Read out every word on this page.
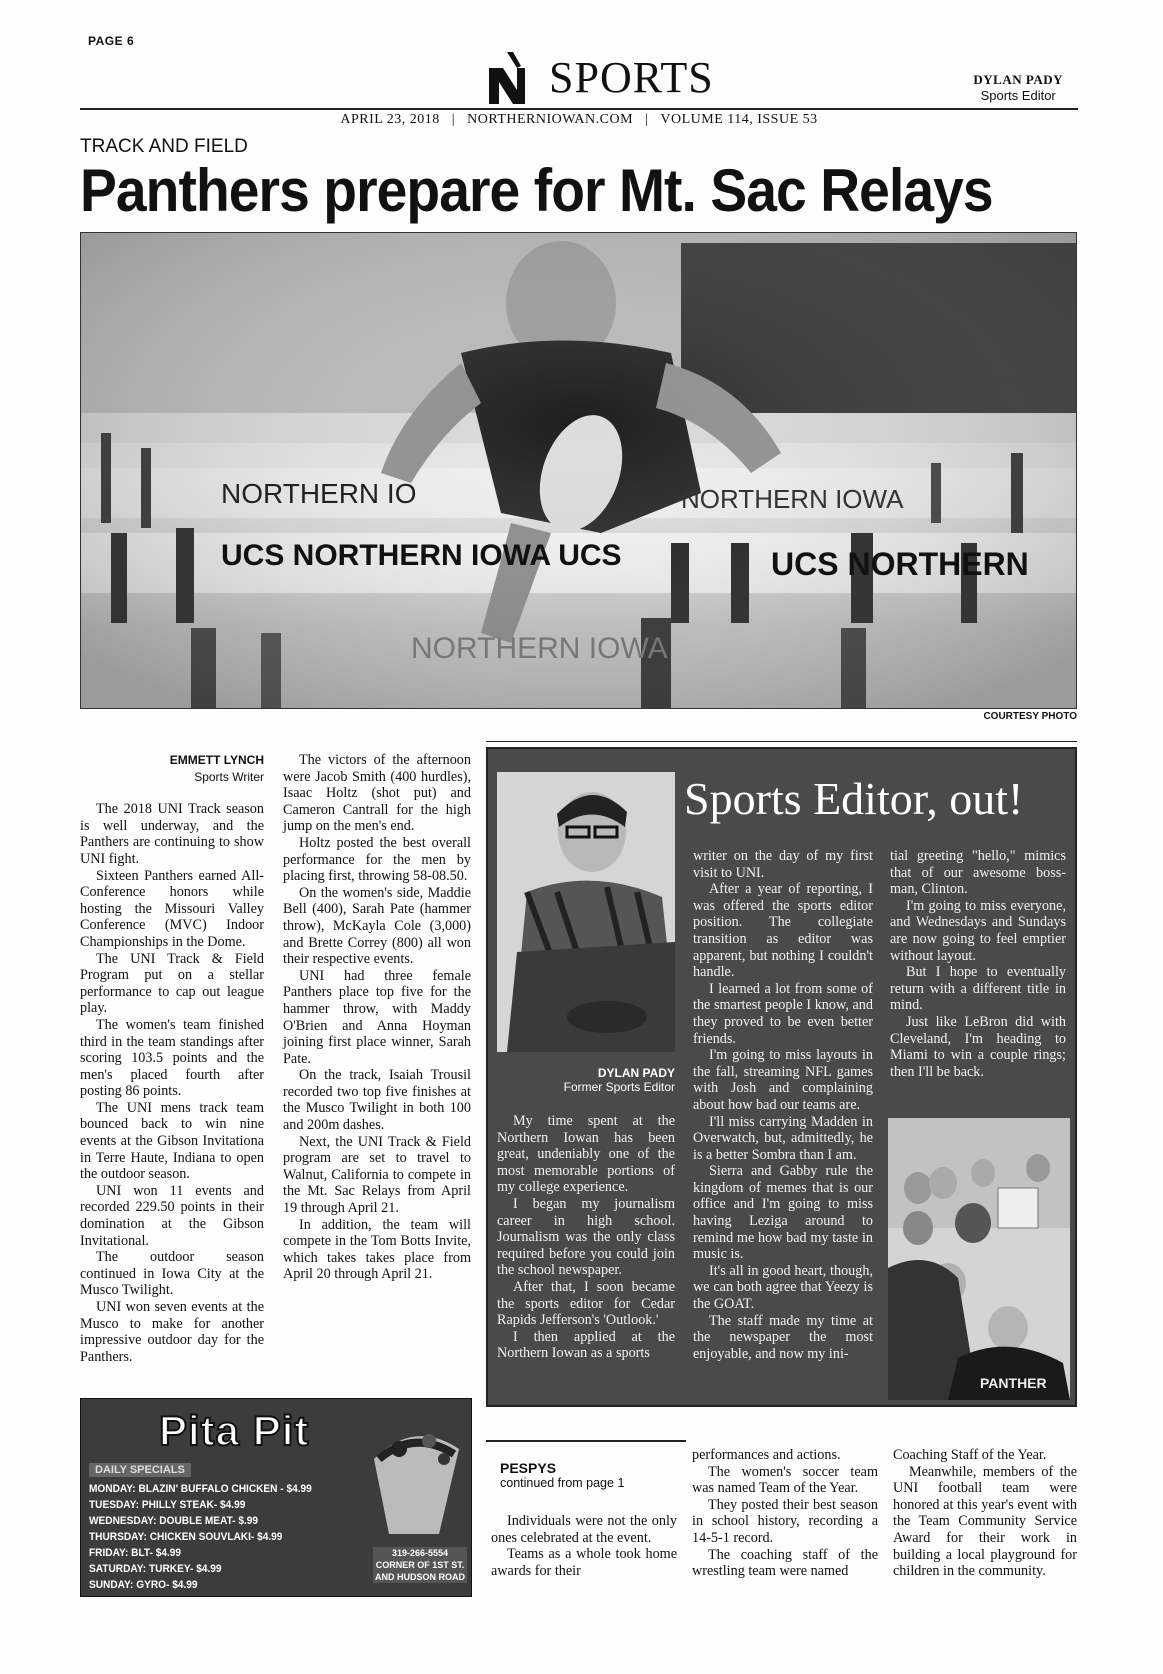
PAGE 6
SPORTS	DYLAN PADY
Sports Editor
APRIL 23, 2018 | NORTHERNIOWAN.COM | VOLUME 114, ISSUE 53
TRACK AND FIELD
Panthers prepare for Mt. Sac Relays
NORTHERN IO	NORTHERN IOWA
UCS NORTHERN IOWA UCS	UCS NORTHERN
NORTHERN IOWA
COURTESY PHOTO
EMMETT LYNCH
Sports Writer

The 2018 UNI Track season is well underway, and the Panthers are continuing to show UNI fight.

Sixteen Panthers earned All-Conference honors while hosting the Missouri Valley Conference (MVC) Indoor Championships in the Dome.

The UNI Track & Field Program put on a stellar performance to cap out league play.

The women's team finished third in the team standings after scoring 103.5 points and the men's placed fourth after posting 86 points.

The UNI mens track team bounced back to win nine events at the Gibson Invitationa in Terre Haute, Indiana to open the outdoor season.

UNI won 11 events and recorded 229.50 points in their domination at the Gibson Invitational.

The outdoor season continued in Iowa City at the Musco Twilight.

UNI won seven events at the Musco to make for another impressive outdoor day for the Panthers.

The victors of the afternoon were Jacob Smith (400 hurdles), Isaac Holtz (shot put) and Cameron Cantrall for the high jump on the men's end.

Holtz posted the best overall performance for the men by placing first, throwing 58-08.50.

On the women's side, Maddie Bell (400), Sarah Pate (hammer throw), McKayla Cole (3,000) and Brette Correy (800) all won their respective events.

UNI had three female Panthers place top five for the hammer throw, with Maddy O'Brien and Anna Hoyman joining first place winner, Sarah Pate.

On the track, Isaiah Trousil recorded two top five finishes at the Musco Twilight in both 100 and 200m dashes.

Next, the UNI Track & Field program are set to travel to Walnut, California to compete in the Mt. Sac Relays from April 19 through April 21.

In addition, the team will compete in the Tom Botts Invite, which takes takes place from April 20 through April 21.

Sports Editor, out!
DYLAN PADY
Former Sports Editor

My time spent at the Northern Iowan has been great, undeniably one of the most memorable portions of my college experience.

I began my journalism career in high school. Journalism was the only class required before you could join the school newspaper.

After that, I soon became the sports editor for Cedar Rapids Jefferson's 'Outlook.'

I then applied at the Northern Iowan as a sports

writer on the day of my first visit to UNI.

After a year of reporting, I was offered the sports editor position. The collegiate transition as editor was apparent, but nothing I couldn't handle.

I learned a lot from some of the smartest people I know, and they proved to be even better friends.

I'm going to miss layouts in the fall, streaming NFL games with Josh and complaining about how bad our teams are.

I'll miss carrying Madden in Overwatch, but, admittedly, he is a better Sombra than I am.

Sierra and Gabby rule the kingdom of memes that is our office and I'm going to miss having Leziga around to remind me how bad my taste in music is.

It's all in good heart, though, we can both agree that Yeezy is the GOAT.

The staff made my time at the newspaper the most enjoyable, and now my ini-

tial greeting "hello," mimics that of our awesome boss-man, Clinton.

I'm going to miss everyone, and Wednesdays and Sundays are now going to feel emptier without layout.

But I hope to eventually return with a different title in mind.

Just like LeBron did with Cleveland, I'm heading to Miami to win a couple rings; then I'll be back.

PANTHER
PESPYS
continued from page 1

Individuals were not the only ones celebrated at the event.

Teams as a whole took home awards for their

performances and actions.

The women's soccer team was named Team of the Year.

They posted their best season in school history, recording a 14-5-1 record.

The coaching staff of the wrestling team were named

Coaching Staff of the Year.

Meanwhile, members of the UNI football team were honored at this year's event with the Team Community Service Award for their work in building a local playground for children in the community.

Pita Pit
DAILY SPECIALS
MONDAY: BLAZIN' BUFFALO CHICKEN - $4.99
TUESDAY: PHILLY STEAK- $4.99
WEDNESDAY: DOUBLE MEAT- $.99
THURSDAY: CHICKEN SOUVLAKI- $4.99
FRIDAY: BLT- $4.99
SATURDAY: TURKEY- $4.99
SUNDAY: GYRO- $4.99
319-266-5554
CORNER OF 1ST ST.
AND HUDSON ROAD
